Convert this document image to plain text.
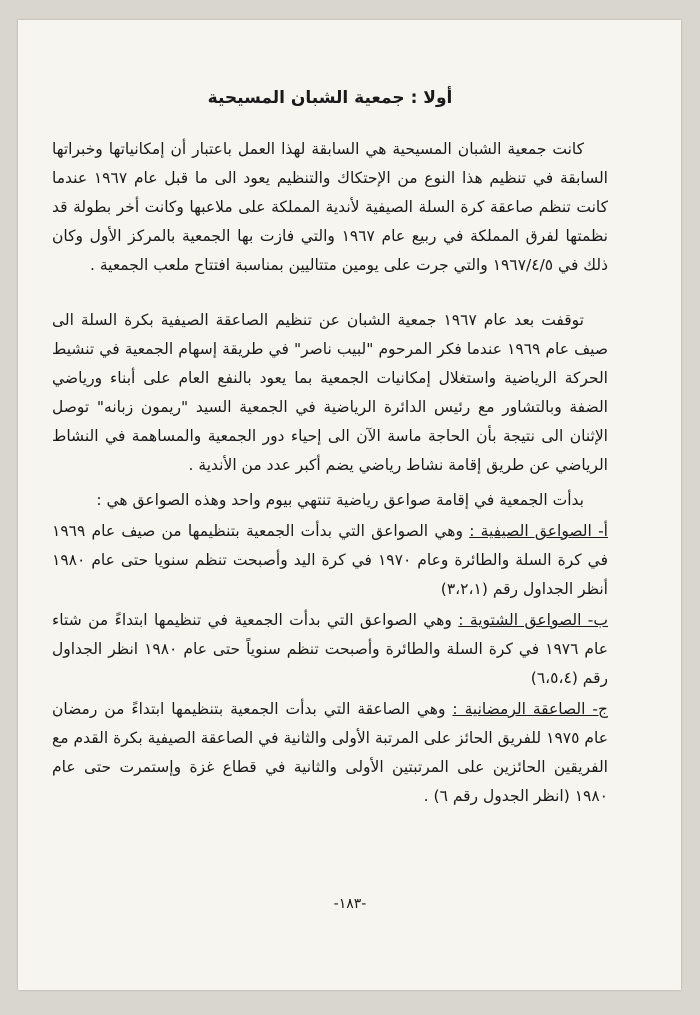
أولا : جمعية الشبان المسيحية

كانت جمعية الشبان المسيحية هي السابقة لهذا العمل باعتبار أن إمكانياتها وخبراتها السابقة في تنظيم هذا النوع من الإحتكاك والتنظيم يعود الى ما قبل عام ١٩٦٧ عندما كانت تنظم صاعقة كرة السلة الصيفية لأندية المملكة على ملاعبها وكانت أخر بطولة قد نظمتها لفرق المملكة في ربيع عام ١٩٦٧ والتي فازت بها الجمعية بالمركز الأول وكان ذلك في ١٩٦٧/٤/٥ والتي جرت على يومين متتاليين بمناسبة افتتاح ملعب الجمعية .

توقفت بعد عام ١٩٦٧ جمعية الشبان عن تنظيم الصاعقة الصيفية بكرة السلة الى صيف عام ١٩٦٩ عندما فكر المرحوم "لبيب ناصر" في طريقة إسهام الجمعية في تنشيط الحركة الرياضية واستغلال إمكانيات الجمعية بما يعود بالنفع العام على أبناء ورياضي الضفة وبالتشاور مع رئيس الدائرة الرياضية في الجمعية السيد "ريمون زبانه" توصل الإثنان الى نتيجة بأن الحاجة ماسة الآن الى إحياء دور الجمعية والمساهمة في النشاط الرياضي عن طريق إقامة نشاط رياضي يضم أكبر عدد من الأندية .

بدأت الجمعية في إقامة صواعق رياضية تنتهي بيوم واحد وهذه الصواعق هي :

أ- الصواعق الصيفية : وهي الصواعق التي بدأت الجمعية بتنظيمها من صيف عام ١٩٦٩ في كرة السلة والطائرة وعام ١٩٧٠ في كرة اليد وأصبحت تنظم سنويا حتى عام ١٩٨٠ أنظر الجداول رقم (٣،٢،١)
ب- الصواعق الشتوية : وهي الصواعق التي بدأت الجمعية في تنظيمها ابتداءً من شتاء عام ١٩٧٦ في كرة السلة والطائرة وأصبحت تنظم سنوياً حتى عام ١٩٨٠ انظر الجداول رقم (٦،٥،٤)
ج- الصاعقة الرمضانية : وهي الصاعقة التي بدأت الجمعية بتنظيمها ابتداءً من رمضان عام ١٩٧٥ للفريق الحائز على المرتبة الأولى والثانية في الصاعقة الصيفية بكرة القدم مع الفريقين الحائزين على المرتبتين الأولى والثانية في قطاع غزة وإستمرت حتى عام ١٩٨٠ (انظر الجدول رقم ٦) .
-١٨٣-
